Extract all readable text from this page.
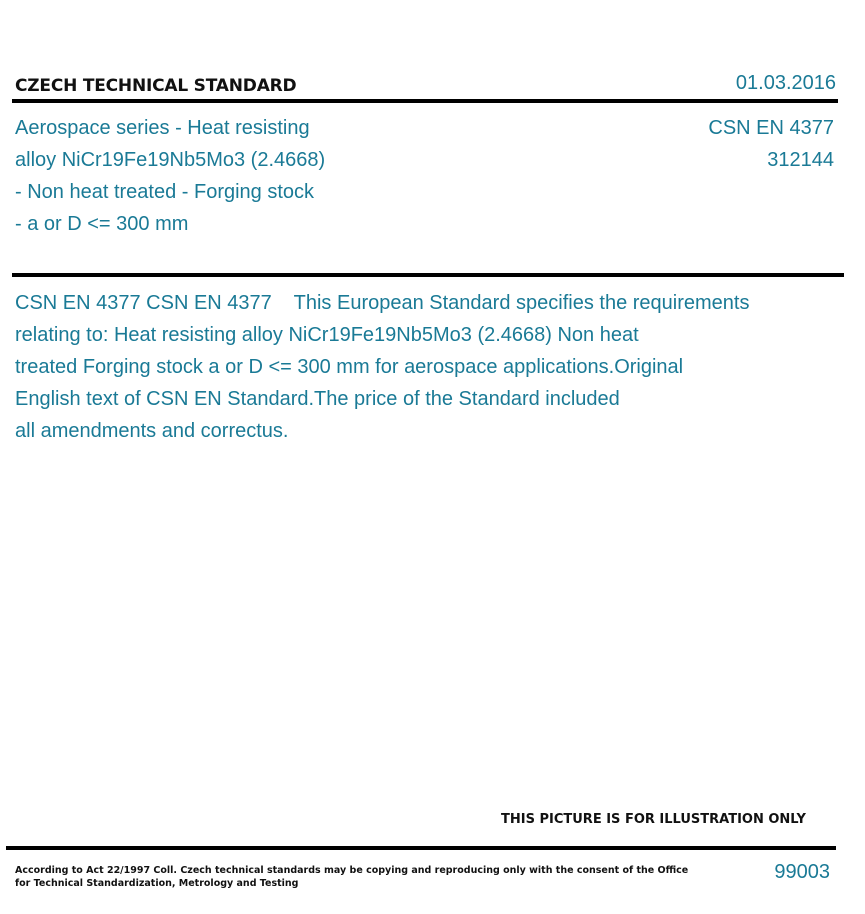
CZECH TECHNICAL STANDARD	01.03.2016
Aerospace series - Heat resisting
alloy NiCr19Fe19Nb5Mo3 (2.4668)
- Non heat treated - Forging stock
- a or D <= 300 mm
CSN EN 4377
312144

CSN EN 4377 CSN EN 4377    This European Standard specifies the requirements

relating to: Heat resisting alloy NiCr19Fe19Nb5Mo3 (2.4668) Non heat

treated Forging stock a or D <= 300 mm for aerospace applications.Original

English text of CSN EN Standard.The price of the Standard included

all amendments and correctus.

THIS PICTURE IS FOR ILLUSTRATION ONLY
According to Act 22/1997 Coll. Czech technical standards may be copying and reproducing only with the consent of the Office
for Technical Standardization, Metrology and Testing
99003
